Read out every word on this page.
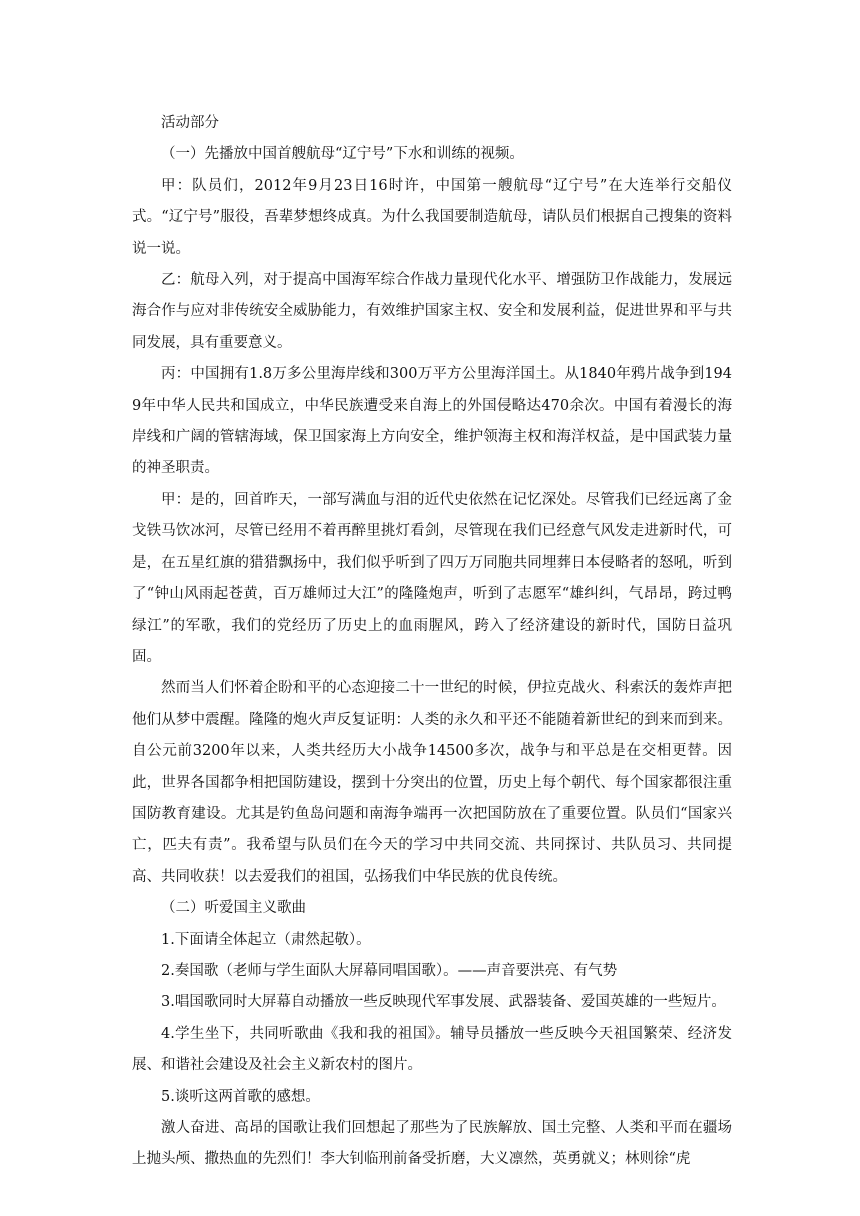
活动部分

（一）先播放中国首艘航母“辽宁号”下水和训练的视频。

甲：队员们，2012年9月23日16时许，中国第一艘航母“辽宁号”在大连举行交船仪式。“辽宁号”服役，吾辈梦想终成真。为什么我国要制造航母，请队员们根据自己搜集的资料说一说。

乙：航母入列，对于提高中国海军综合作战力量现代化水平、增强防卫作战能力，发展远海合作与应对非传统安全威胁能力，有效维护国家主权、安全和发展利益，促进世界和平与共同发展，具有重要意义。

丙：中国拥有1.8万多公里海岸线和300万平方公里海洋国土。从1840年鸦片战争到1949年中华人民共和国成立，中华民族遭受来自海上的外国侵略达470余次。中国有着漫长的海岸线和广阔的管辖海域，保卫国家海上方向安全，维护领海主权和海洋权益，是中国武装力量的神圣职责。

甲：是的，回首昨天，一部写满血与泪的近代史依然在记忆深处。尽管我们已经远离了金戈铁马饮冰河，尽管已经用不着再醉里挑灯看剑，尽管现在我们已经意气风发走进新时代，可是，在五星红旗的猎猎飘扬中，我们似乎听到了四万万同胞共同埋葬日本侵略者的怒吼，听到了“钟山风雨起苍黄，百万雄师过大江”的隆隆炮声，听到了志愿军“雄纠纠，气昂昂，跨过鸭绿江”的军歌，我们的党经历了历史上的血雨腥风，跨入了经济建设的新时代，国防日益巩固。

然而当人们怀着企盼和平的心态迎接二十一世纪的时候，伊拉克战火、科索沃的轰炸声把他们从梦中震醒。隆隆的炮火声反复证明：人类的永久和平还不能随着新世纪的到来而到来。自公元前3200年以来，人类共经历大小战争14500多次，战争与和平总是在交相更替。因此，世界各国都争相把国防建设，摆到十分突出的位置，历史上每个朝代、每个国家都很注重国防教育建设。尤其是钓鱼岛问题和南海争端再一次把国防放在了重要位置。队员们“国家兴亡，匹夫有责”。我希望与队员们在今天的学习中共同交流、共同探讨、共队员习、共同提高、共同收获！以去爱我们的祖国，弘扬我们中华民族的优良传统。

（二）听爱国主义歌曲

1.下面请全体起立（肃然起敬）。

2.奏国歌（老师与学生面队大屏幕同唱国歌）。——声音要洪亮、有气势

3.唱国歌同时大屏幕自动播放一些反映现代军事发展、武器装备、爱国英雄的一些短片。

4.学生坐下，共同听歌曲《我和我的祖国》。辅导员播放一些反映今天祖国繁荣、经济发展、和谐社会建设及社会主义新农村的图片。

5.谈听这两首歌的感想。

激人奋进、高昂的国歌让我们回想起了那些为了民族解放、国土完整、人类和平而在疆场上抛头颅、撒热血的先烈们！李大钊临刑前备受折磨，大义凛然，英勇就义；林则徐“虎
